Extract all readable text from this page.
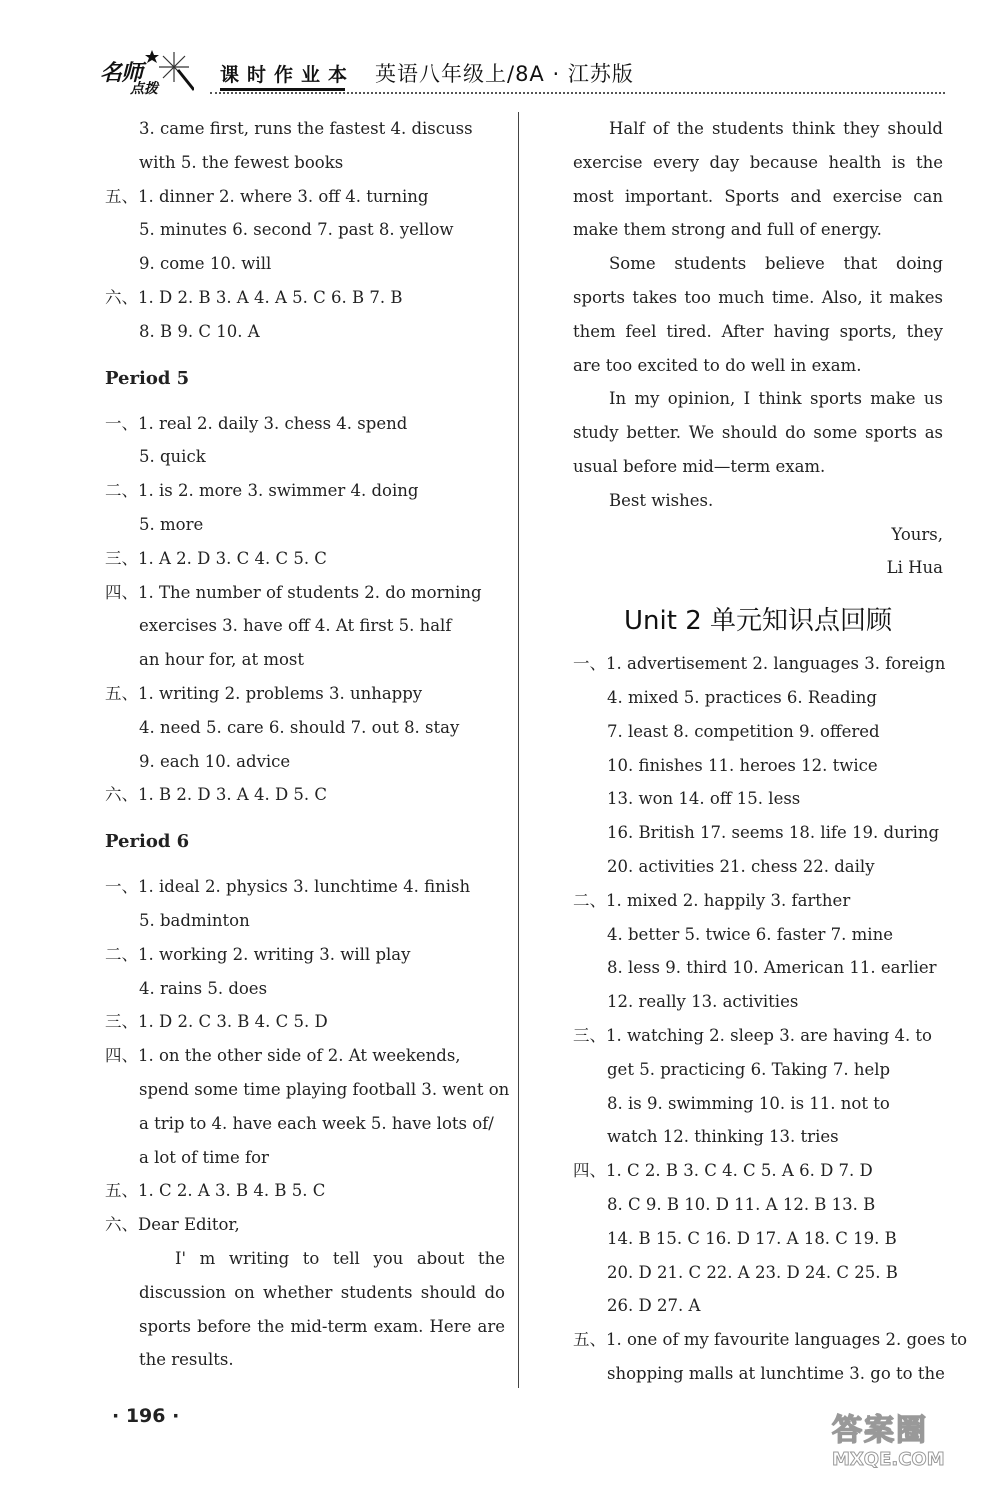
名师
点拨
课时作业本 英语八年级上/8A · 江苏版
3. came first, runs the fastest 4. discuss
with 5. the fewest books
五、1. dinner 2. where 3. off 4. turning
5. minutes 6. second 7. past 8. yellow
9. come 10. will
六、1. D 2. B 3. A 4. A 5. C 6. B 7. B
8. B 9. C 10. A
Period 5
一、1. real 2. daily 3. chess 4. spend
5. quick
二、1. is 2. more 3. swimmer 4. doing
5. more
三、1. A 2. D 3. C 4. C 5. C
四、1. The number of students 2. do morning
exercises 3. have off 4. At first 5. half
an hour for, at most
五、1. writing 2. problems 3. unhappy
4. need 5. care 6. should 7. out 8. stay
9. each 10. advice
六、1. B 2. D 3. A 4. D 5. C
Period 6
一、1. ideal 2. physics 3. lunchtime 4. finish
5. badminton
二、1. working 2. writing 3. will play
4. rains 5. does
三、1. D 2. C 3. B 4. C 5. D
四、1. on the other side of 2. At weekends,
spend some time playing football 3. went on
a trip to 4. have each week 5. have lots of/
a lot of time for
五、1. C 2. A 3. B 4. B 5. C
六、Dear Editor,
I' m writing to tell you about the discussion on whether students should do sports before the mid-term exam. Here are the results.
Half of the students think they should exercise every day because health is the most important. Sports and exercise can make them strong and full of energy.
Some students believe that doing sports takes too much time. Also, it makes them feel tired. After having sports, they are too excited to do well in exam.
In my opinion, I think sports make us study better. We should do some sports as usual before mid—term exam.
Best wishes.
Yours,
Li Hua
Unit 2 单元知识点回顾
一、1. advertisement 2. languages 3. foreign
4. mixed 5. practices 6. Reading
7. least 8. competition 9. offered
10. finishes 11. heroes 12. twice
13. won 14. off 15. less
16. British 17. seems 18. life 19. during
20. activities 21. chess 22. daily
二、1. mixed 2. happily 3. farther
4. better 5. twice 6. faster 7. mine
8. less 9. third 10. American 11. earlier
12. really 13. activities
三、1. watching 2. sleep 3. are having 4. to
get 5. practicing 6. Taking 7. help
8. is 9. swimming 10. is 11. not to
watch 12. thinking 13. tries
四、1. C 2. B 3. C 4. C 5. A 6. D 7. D
8. C 9. B 10. D 11. A 12. B 13. B
14. B 15. C 16. D 17. A 18. C 19. B
20. D 21. C 22. A 23. D 24. C 25. B
26. D 27. A
五、1. one of my favourite languages 2. goes to
shopping malls at lunchtime 3. go to the
· 196 ·	答案圈
MXQE.COM
